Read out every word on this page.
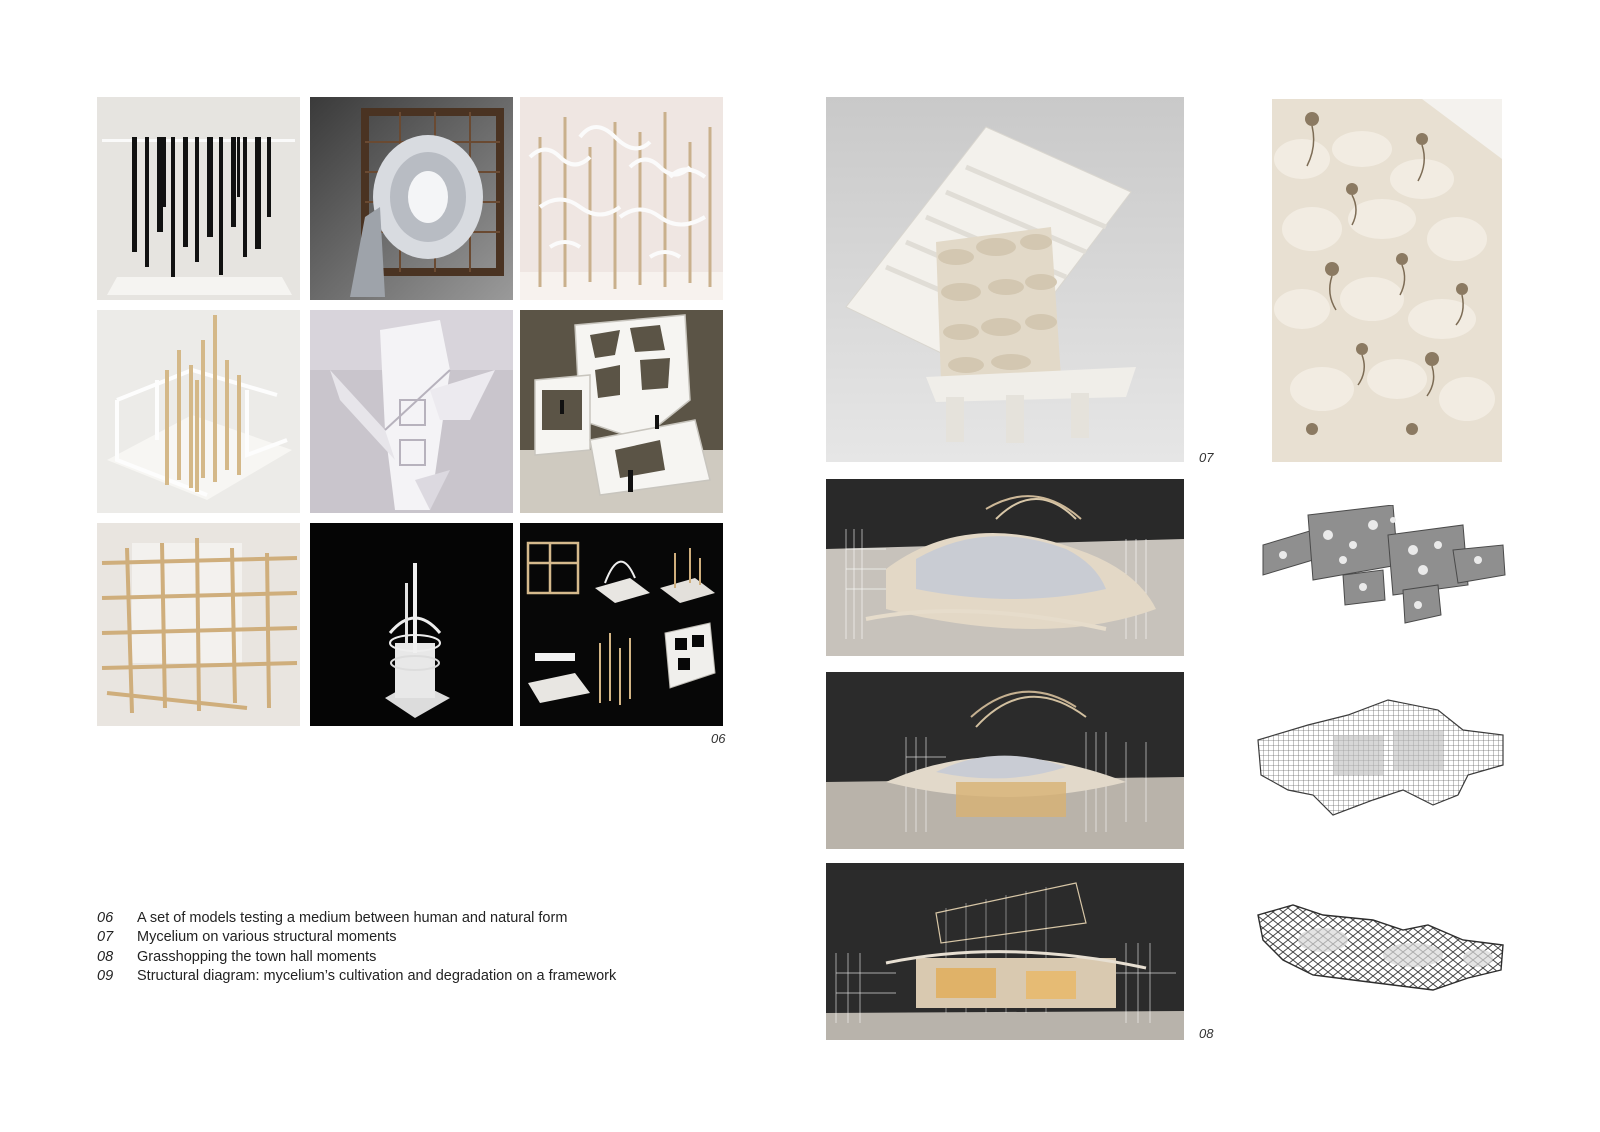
06
07
08
06	A set of models testing a medium between human and natural form
07	Mycelium on various structural moments
08	Grasshopping the town hall moments
09	Structural diagram: mycelium’s cultivation and degradation on a framework
